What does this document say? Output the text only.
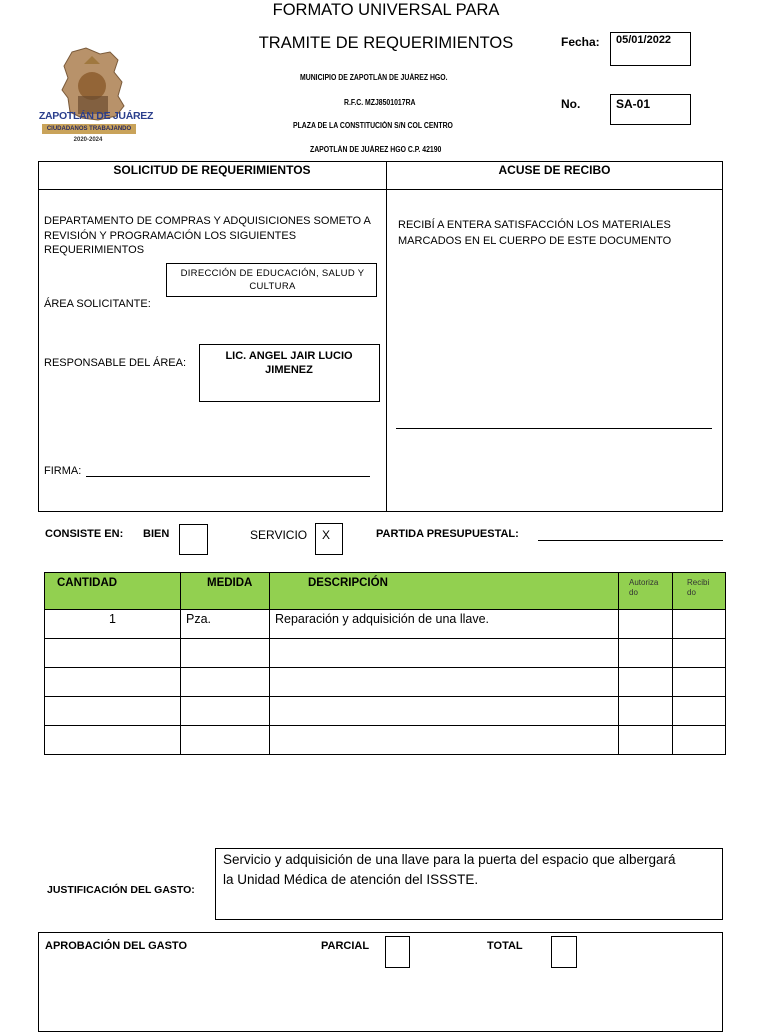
ZAPOTLÁN DE JUÁREZ
CIUDADANOS TRABAJANDO
2020-2024
FORMATO UNIVERSAL PARA
TRAMITE DE REQUERIMIENTOS
MUNICIPIO DE ZAPOTLÁN DE JUÁREZ HGO.
R.F.C. MZJ8501017RA
PLAZA DE LA CONSTITUCIÓN S/N COL CENTRO
ZAPOTLÁN DE JUÁREZ HGO C.P. 42190
Fecha: 05/01/2022
No.	SA-01
SOLICITUD DE REQUERIMIENTOS	ACUSE DE RECIBO
DEPARTAMENTO DE COMPRAS Y ADQUISICIONES SOMETO A REVISIÓN Y PROGRAMACIÓN LOS SIGUIENTES REQUERIMIENTOS
DIRECCIÓN DE EDUCACIÓN, SALUD Y CULTURA
ÁREA SOLICITANTE:
RESPONSABLE DEL ÁREA:
LIC. ANGEL JAIR LUCIO JIMENEZ
FIRMA:
RECIBÍ A ENTERA SATISFACCIÓN LOS MATERIALES MARCADOS EN EL CUERPO DE ESTE DOCUMENTO
CONSISTE EN: BIEN	SERVICIO X	PARTIDA PRESUPUESTAL:
CANTIDAD	MEDIDA	DESCRIPCIÓN	Autoriza do	Recibi do
1	Pza.	Reparación y adquisición de una llave.		

JUSTIFICACIÓN DEL GASTO:
Servicio y adquisición de una llave para la puerta del espacio que albergará la Unidad Médica de atención del ISSSTE.
APROBACIÓN DEL GASTO	PARCIAL	TOTAL
